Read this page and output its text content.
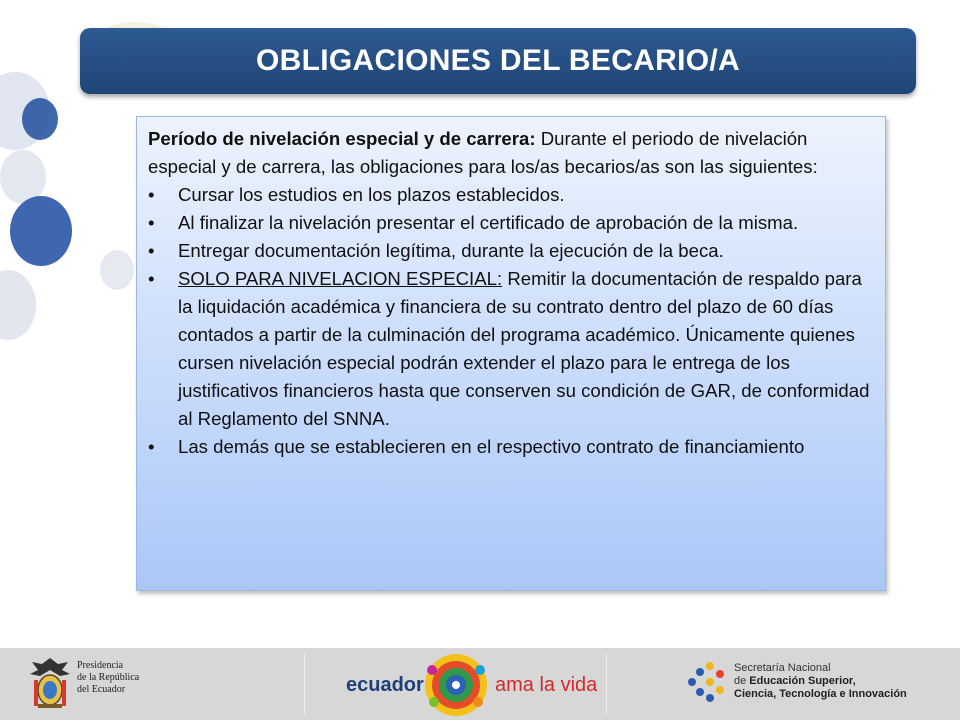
OBLIGACIONES DEL BECARIO/A

Período de nivelación especial y de carrera: Durante el periodo de nivelación especial y de carrera, las obligaciones para los/as becarios/as son las siguientes:

• Cursar los estudios en los plazos establecidos.
• Al finalizar la nivelación presentar el certificado de aprobación de la misma.
• Entregar documentación legítima, durante la ejecución de la beca.
• SOLO PARA NIVELACION ESPECIAL: Remitir la documentación de respaldo para la liquidación académica y financiera de su contrato dentro del plazo de 60 días contados a partir de la culminación del programa académico. Únicamente quienes cursen nivelación especial podrán extender el plazo para le entrega de los justificativos financieros hasta que conserven su condición de GAR, de conformidad al Reglamento del SNNA.
• Las demás que se establecieren en el respectivo contrato de financiamiento
Presidencia
de la República
del Ecuador	ecuador	ama la vida
Secretaría Nacional
de Educación Superior,
Ciencia, Tecnología e Innovación
